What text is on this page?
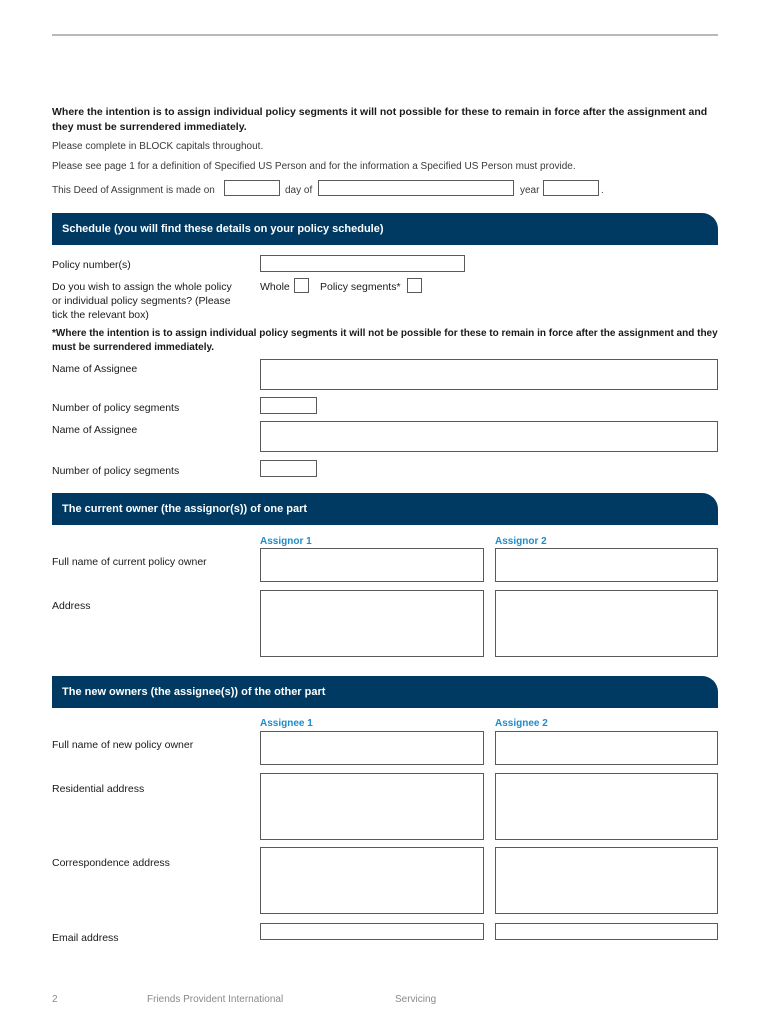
Where the intention is to assign individual policy segments it will not possible for these to remain in force after the assignment and they must be surrendered immediately.
Please complete in BLOCK capitals throughout.
Please see page 1 for a definition of Specified US Person and for the information a Specified US Person must provide.
This Deed of Assignment is made on	day of	year	.
Schedule (you will find these details on your policy schedule)
Policy number(s)
Do you wish to assign the whole policy or individual policy segments? (Please tick the relevant box)
Whole	Policy segments*
*Where the intention is to assign individual policy segments it will not be possible for these to remain in force after the assignment and they must be surrendered immediately.
Name of Assignee
Number of policy segments
Name of Assignee
Number of policy segments
The current owner (the assignor(s)) of one part
Assignor 1	Assignor 2
Full name of current policy owner
Address
The new owners (the assignee(s)) of the other part
Assignee 1	Assignee 2
Full name of new policy owner
Residential address
Correspondence address
Email address
2	Friends Provident International	Servicing
